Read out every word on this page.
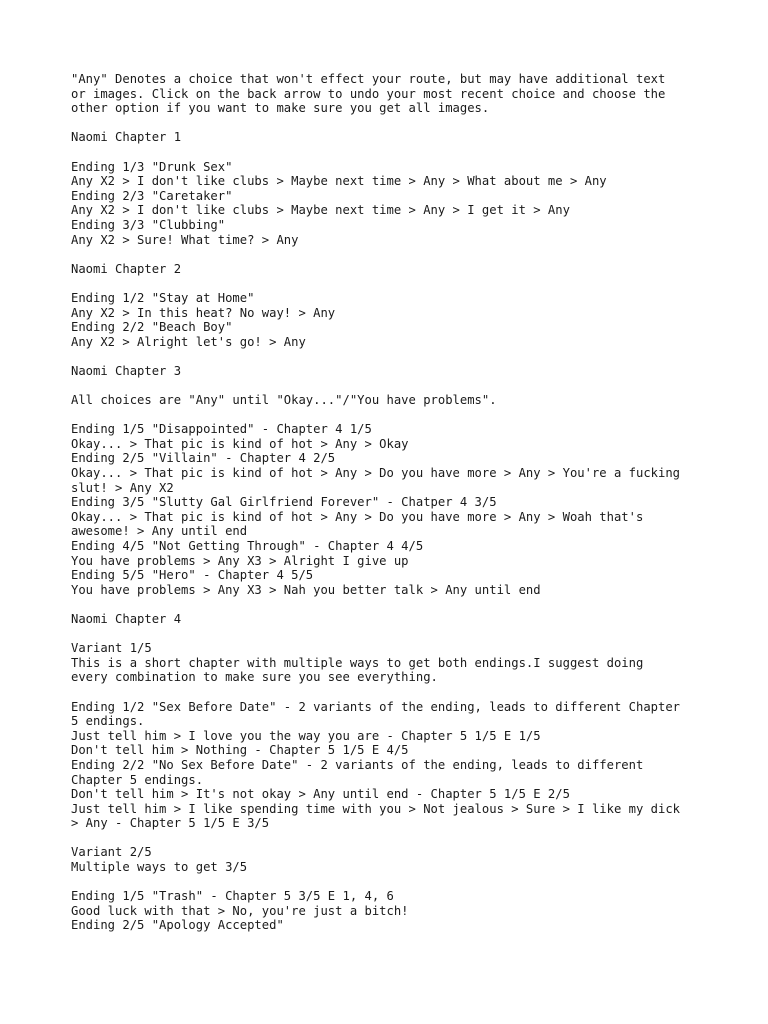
"Any" Denotes a choice that won't effect your route, but may have additional text
or images. Click on the back arrow to undo your most recent choice and choose the
other option if you want to make sure you get all images.
Naomi Chapter 1
Ending 1/3 "Drunk Sex"
Any X2 > I don't like clubs > Maybe next time > Any > What about me > Any
Ending 2/3 "Caretaker"
Any X2 > I don't like clubs > Maybe next time > Any > I get it > Any
Ending 3/3 "Clubbing"
Any X2 > Sure! What time? > Any
Naomi Chapter 2
Ending 1/2 "Stay at Home"
Any X2 > In this heat? No way! > Any
Ending 2/2 "Beach Boy"
Any X2 > Alright let's go! > Any
Naomi Chapter 3
All choices are "Any" until "Okay..."/"You have problems".
Ending 1/5 "Disappointed" - Chapter 4 1/5
Okay... > That pic is kind of hot > Any > Okay
Ending 2/5 "Villain" - Chapter 4 2/5
Okay... > That pic is kind of hot > Any > Do you have more > Any > You're a fucking
slut! > Any X2
Ending 3/5 "Slutty Gal Girlfriend Forever" - Chatper 4 3/5
Okay... > That pic is kind of hot > Any > Do you have more > Any > Woah that's
awesome! > Any until end
Ending 4/5 "Not Getting Through" - Chapter 4 4/5
You have problems > Any X3 > Alright I give up
Ending 5/5 "Hero" - Chapter 4 5/5
You have problems > Any X3 > Nah you better talk > Any until end
Naomi Chapter 4
Variant 1/5
This is a short chapter with multiple ways to get both endings.I suggest doing
every combination to make sure you see everything.
Ending 1/2 "Sex Before Date" - 2 variants of the ending, leads to different Chapter
5 endings.
Just tell him > I love you the way you are - Chapter 5 1/5 E 1/5
Don't tell him > Nothing - Chapter 5 1/5 E 4/5
Ending 2/2 "No Sex Before Date" - 2 variants of the ending, leads to different
Chapter 5 endings.
Don't tell him > It's not okay > Any until end - Chapter 5 1/5 E 2/5
Just tell him > I like spending time with you > Not jealous > Sure > I like my dick
> Any - Chapter 5 1/5 E 3/5
Variant 2/5
Multiple ways to get 3/5
Ending 1/5 "Trash" - Chapter 5 3/5 E 1, 4, 6
Good luck with that > No, you're just a bitch!
Ending 2/5 "Apology Accepted"
